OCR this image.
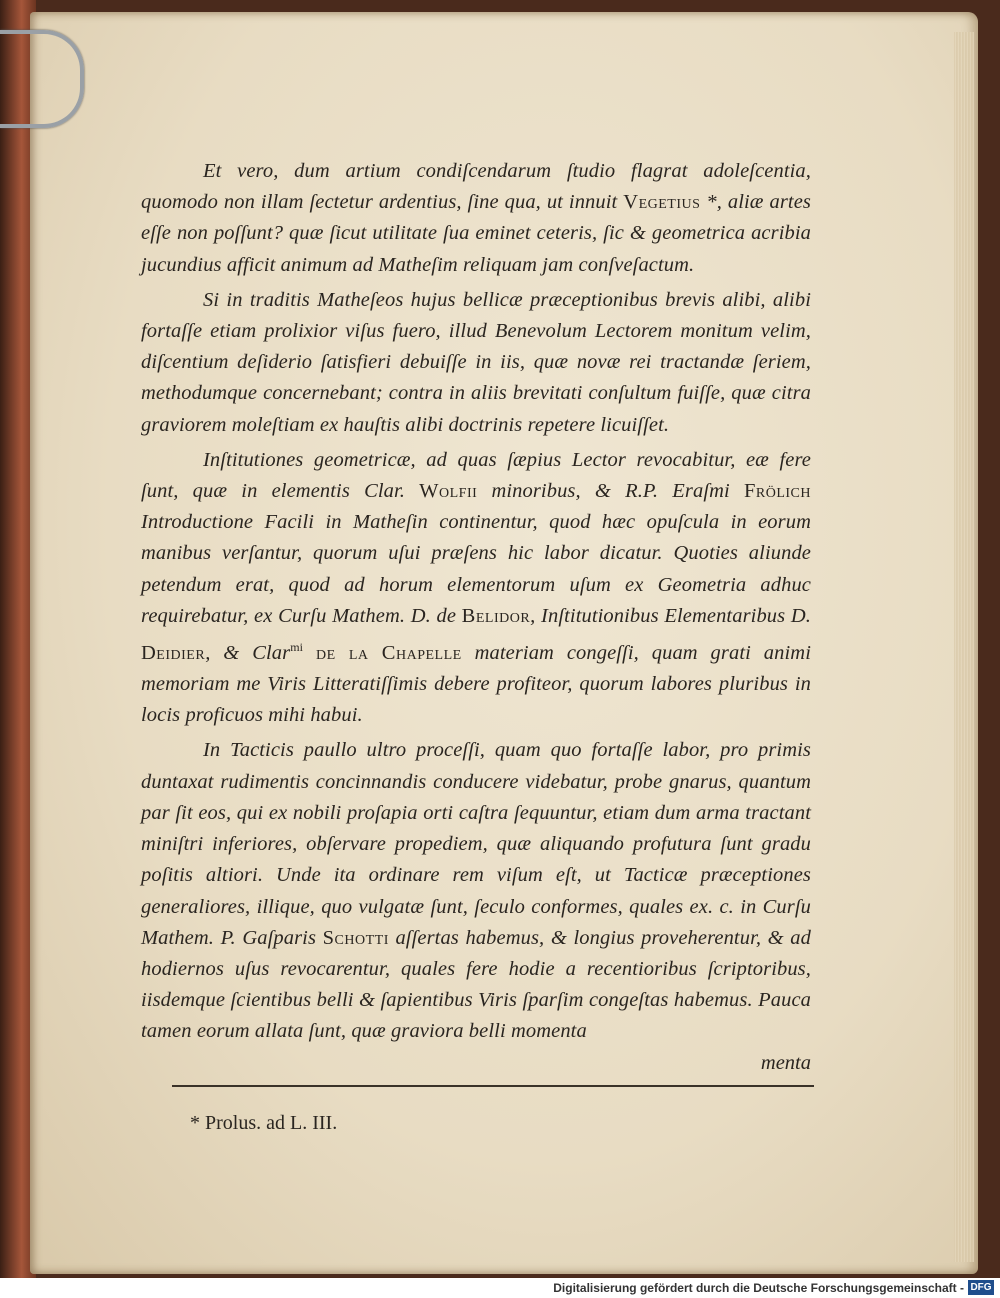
Et vero, dum artium condiſcendarum ſtudio flagrat adoleſcentia, quomodo non illam ſectetur ardentius, ſine qua, ut innuit Vegetius *, aliæ artes eſſe non poſſunt? quæ ſicut utilitate ſua eminet ceteris, ſic & geometrica acribia jucundius afficit animum ad Matheſim reliquam jam conſveſactum.

Si in traditis Matheſeos hujus bellicæ præceptionibus brevis alibi, alibi fortaſſe etiam prolixior viſus fuero, illud Benevolum Lectorem monitum velim, diſcentium deſiderio ſatisfieri debuiſſe in iis, quæ novæ rei tractandæ ſeriem, methodumque concernebant; contra in aliis brevitati conſultum fuiſſe, quæ citra graviorem moleſtiam ex hauſtis alibi doctrinis repetere licuiſſet.

Inſtitutiones geometricæ, ad quas ſæpius Lector revocabitur, eæ fere ſunt, quæ in elementis Clar. Wolfii minoribus, & R.P. Eraſmi Frölich Introductione Facili in Matheſin continentur, quod hæc opuſcula in eorum manibus verſantur, quorum uſui præſens hic labor dicatur. Quoties aliunde petendum erat, quod ad horum elementorum uſum ex Geometria adhuc requirebatur, ex Curſu Mathem. D. de Belidor, Inſtitutionibus Elementaribus D. Deidier, & Clar$^{mi}$ de la Chapelle materiam congeſſi, quam grati animi memoriam me Viris Litteratiſſimis debere profiteor, quorum labores pluribus in locis proficuos mihi habui.

In Tacticis paullo ultro proceſſi, quam quo fortaſſe labor, pro primis duntaxat rudimentis concinnandis conducere videbatur, probe gnarus, quantum par ſit eos, qui ex nobili proſapia orti caſtra ſequuntur, etiam dum arma tractant miniſtri inferiores, obſervare propediem, quæ aliquando profutura ſunt gradu poſitis altiori. Unde ita ordinare rem viſum eſt, ut Tacticæ præceptiones generaliores, illique, quo vulgatæ ſunt, ſeculo conformes, quales ex. c. in Curſu Mathem. P. Gaſparis Schotti aſſertas habemus, & longius proveherentur, & ad hodiernos uſus revocarentur, quales fere hodie a recentioribus ſcriptoribus, iisdemque ſcientibus belli & ſapientibus Viris ſparſim congeſtas habemus. Pauca tamen eorum allata ſunt, quæ graviora belli momenta

menta
* Prolus. ad L. III.
Digitalisierung gefördert durch die Deutsche Forschungsgemeinschaft - DFG
